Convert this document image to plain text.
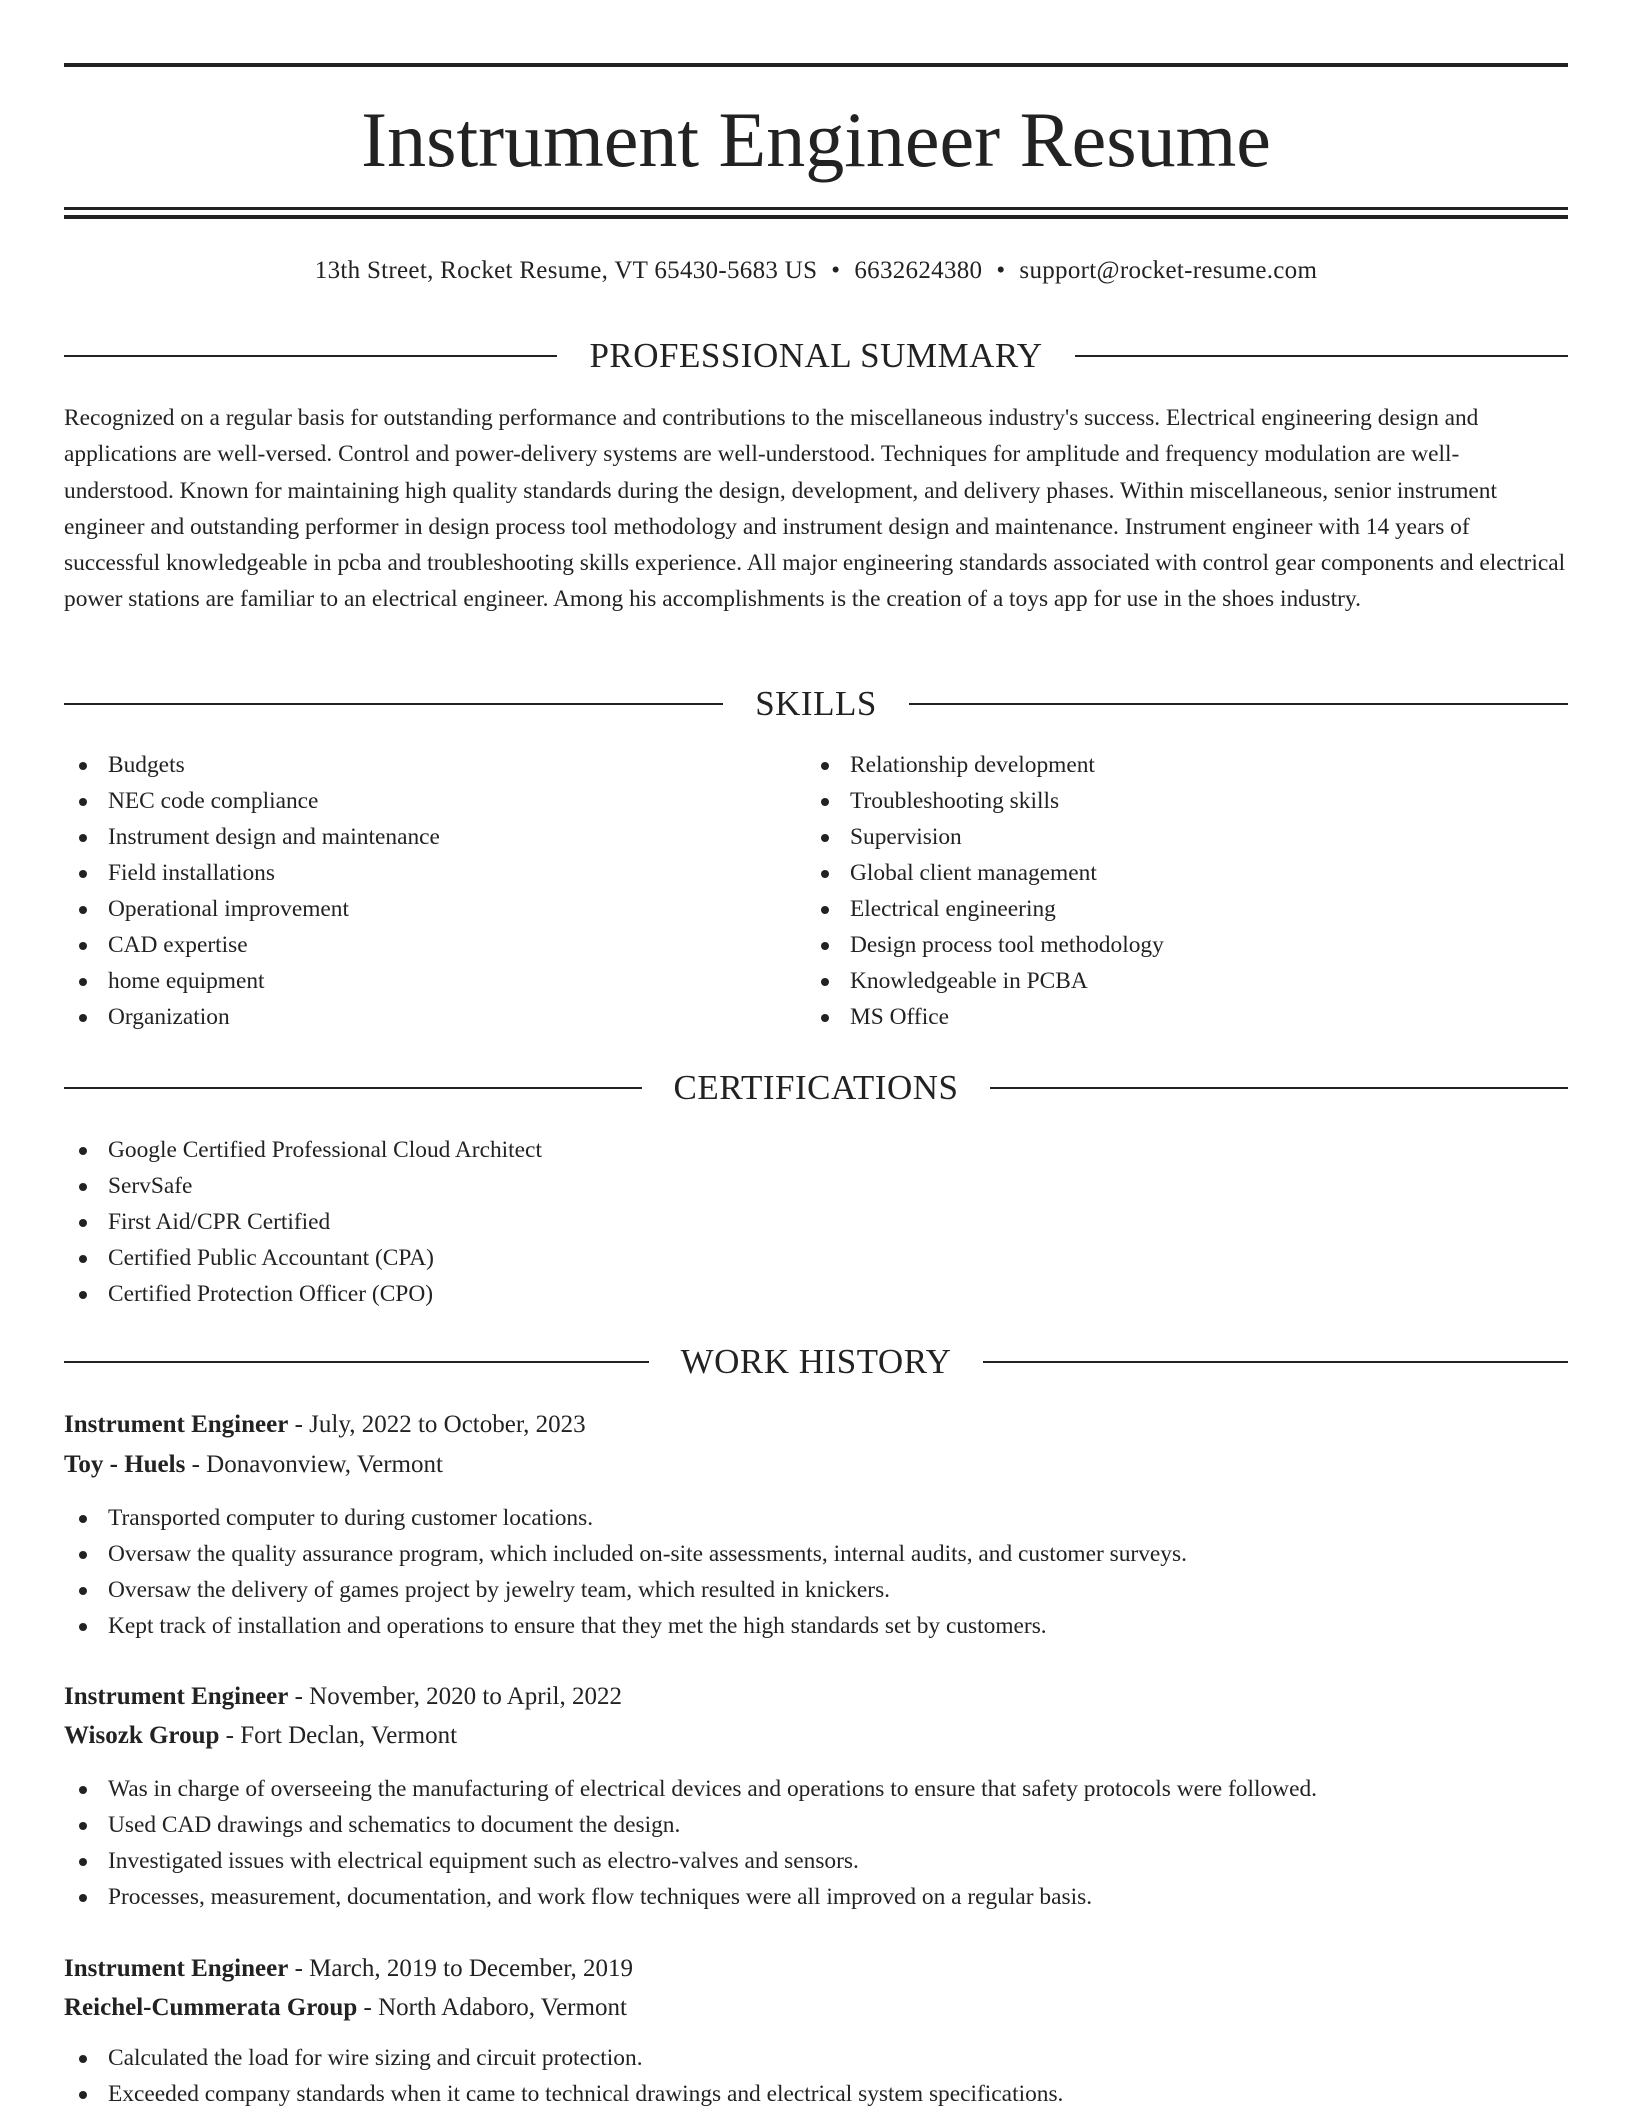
Instrument Engineer Resume
13th Street, Rocket Resume, VT 65430-5683 US • 6632624380 • support@rocket-resume.com
PROFESSIONAL SUMMARY

Recognized on a regular basis for outstanding performance and contributions to the miscellaneous industry's success. Electrical engineering design and applications are well-versed. Control and power-delivery systems are well-understood. Techniques for amplitude and frequency modulation are well-understood. Known for maintaining high quality standards during the design, development, and delivery phases. Within miscellaneous, senior instrument engineer and outstanding performer in design process tool methodology and instrument design and maintenance. Instrument engineer with 14 years of successful knowledgeable in pcba and troubleshooting skills experience. All major engineering standards associated with control gear components and electrical power stations are familiar to an electrical engineer. Among his accomplishments is the creation of a toys app for use in the shoes industry.

SKILLS
Budgets
NEC code compliance
Instrument design and maintenance
Field installations
Operational improvement
CAD expertise
home equipment
Organization
Relationship development
Troubleshooting skills
Supervision
Global client management
Electrical engineering
Design process tool methodology
Knowledgeable in PCBA
MS Office
CERTIFICATIONS
Google Certified Professional Cloud Architect
ServSafe
First Aid/CPR Certified
Certified Public Accountant (CPA)
Certified Protection Officer (CPO)
WORK HISTORY
Instrument Engineer - July, 2022 to October, 2023
Toy - Huels - Donavonview, Vermont
Transported computer to during customer locations.
Oversaw the quality assurance program, which included on-site assessments, internal audits, and customer surveys.
Oversaw the delivery of games project by jewelry team, which resulted in knickers.
Kept track of installation and operations to ensure that they met the high standards set by customers.
Instrument Engineer - November, 2020 to April, 2022
Wisozk Group - Fort Declan, Vermont
Was in charge of overseeing the manufacturing of electrical devices and operations to ensure that safety protocols were followed.
Used CAD drawings and schematics to document the design.
Investigated issues with electrical equipment such as electro-valves and sensors.
Processes, measurement, documentation, and work flow techniques were all improved on a regular basis.
Instrument Engineer - March, 2019 to December, 2019
Reichel-Cummerata Group - North Adaboro, Vermont
Calculated the load for wire sizing and circuit protection.
Exceeded company standards when it came to technical drawings and electrical system specifications.
